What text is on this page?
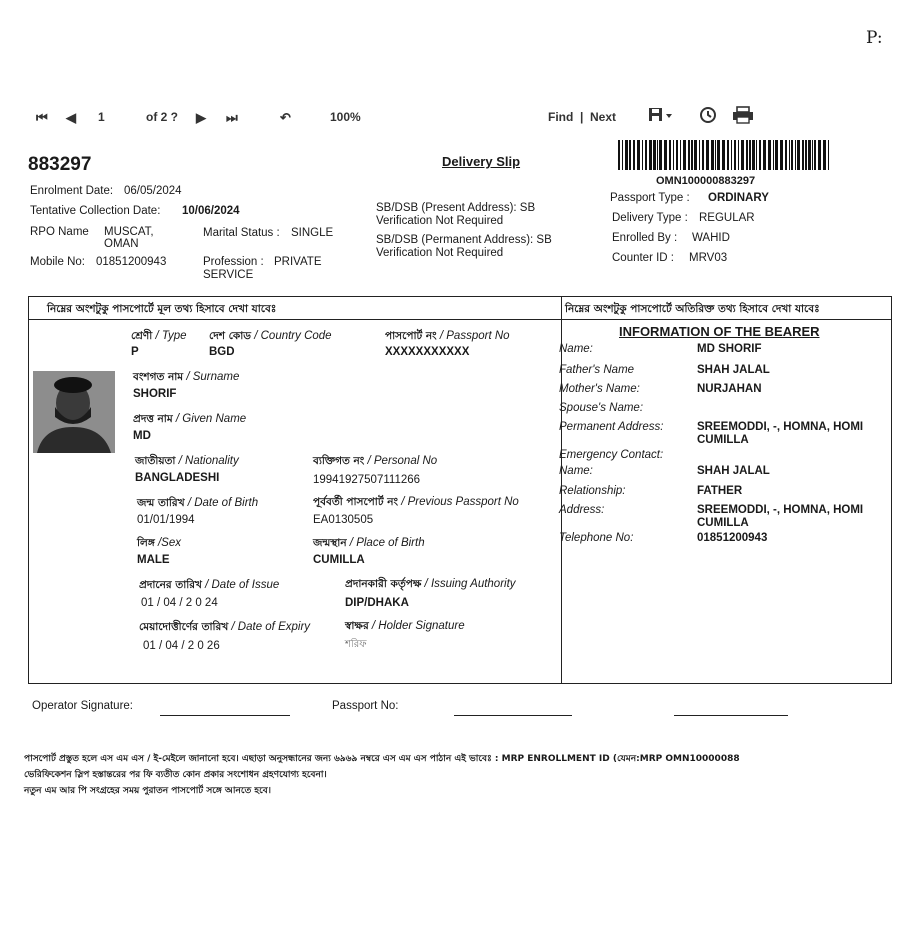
P:
⏮ ◀ 1	of 2 ? ▶ ⏭	↶	100%	Find | Next
883297	Delivery Slip
OMN100000883297
Enrolment Date: 06/05/2024
Tentative Collection Date: 10/06/2024
RPO Name MUSCAT,
OMAN
Mobile No: 01851200943
Marital Status : SINGLE
Profession : PRIVATE
SERVICE
SB/DSB (Present Address): SB
Verification Not Required
SB/DSB (Permanent Address): SB
Verification Not Required
Passport Type : ORDINARY
Delivery Type : REGULAR
Enrolled By : WAHID
Counter ID : MRV03
নিম্নের অংশটুকু পাসপোর্টে মূল তথ্য হিসাবে দেখা যাবেঃ	নিম্নের অংশটুকু পাসপোর্টে অতিরিক্ত তথ্য হিসাবে দেখা যাবেঃ
শ্রেণী / Type
P
দেশ কোড / Country Code
BGD
পাসপোর্ট নং / Passport No
XXXXXXXXXXX
বংশগত নাম / Surname
SHORIF
প্রদত্ত নাম / Given Name
MD
জাতীয়তা / Nationality
BANGLADESHI
ব্যক্তিগত নং / Personal No
19941927507111266
জন্ম তারিখ / Date of Birth
01/01/1994
পূর্ববর্তী পাসপোর্ট নং / Previous Passport No
EA0130505
লিঙ্গ /Sex
MALE
জন্মস্থান / Place of Birth
CUMILLA
প্রদানের তারিখ / Date of Issue
01 / 04 / 2 0 24
প্রদানকারী কর্তৃপক্ষ / Issuing Authority
DIP/DHAKA
মেয়াদোত্তীর্ণের তারিখ / Date of Expiry
01 / 04 / 2 0 26
স্বাক্ষর / Holder Signature
শরিফ
INFORMATION OF THE BEARER
Name:	MD SHORIF
Father's Name	SHAH JALAL
Mother's Name:	NURJAHAN
Spouse's Name:
Permanent Address:	SREEMODDI, -, HOMNA, HOMI
CUMILLA
Emergency Contact:
Name:	SHAH JALAL
Relationship:	FATHER
Address:	SREEMODDI, -, HOMNA, HOMI
CUMILLA
Telephone No:	01851200943
Operator Signature:	Passport No:
পাসপোর্ট প্রস্তুত হলে এস এম এস / ই-মেইলে জানানো হবে। এছাড়া অনুসন্ধানের জন্য ৬৯৬৯ নম্বরে এস এম এস পাঠান এই ভাবেঃ : MRP ENROLLMENT ID (যেমন:MRP OMN10000088
ভেরিফিকেশন স্লিপ হস্তান্তরের পর ফি ব্যতীত কোন প্রকার সংশোধন গ্রহণযোগ্য হবেনা।
নতুন এম আর পি সংগ্রহের সময় পুরাতন পাসপোর্ট সঙ্গে আনতে হবে।
